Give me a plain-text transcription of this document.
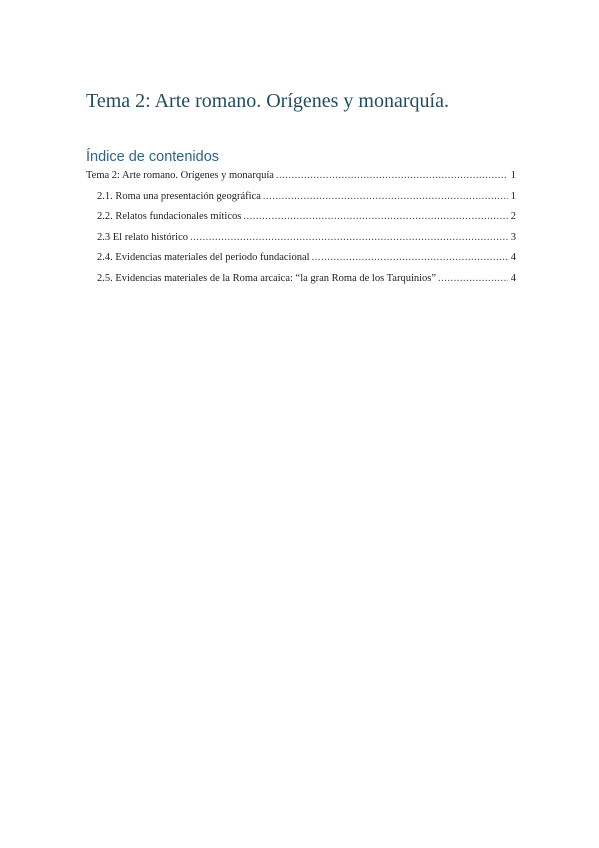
Tema 2: Arte romano. Orígenes y monarquía.
Índice de contenidos
Tema 2: Arte romano. Orígenes y monarquía .....	1
2.1. Roma una presentación geográfica .....	1
2.2. Relatos fundacionales míticos .....	2
2.3 El relato histórico .....	3
2.4. Evidencias materiales del periodo fundacional .....	4
2.5. Evidencias materiales de la Roma arcaica: “la gran Roma de los Tarquinios” .....	4
